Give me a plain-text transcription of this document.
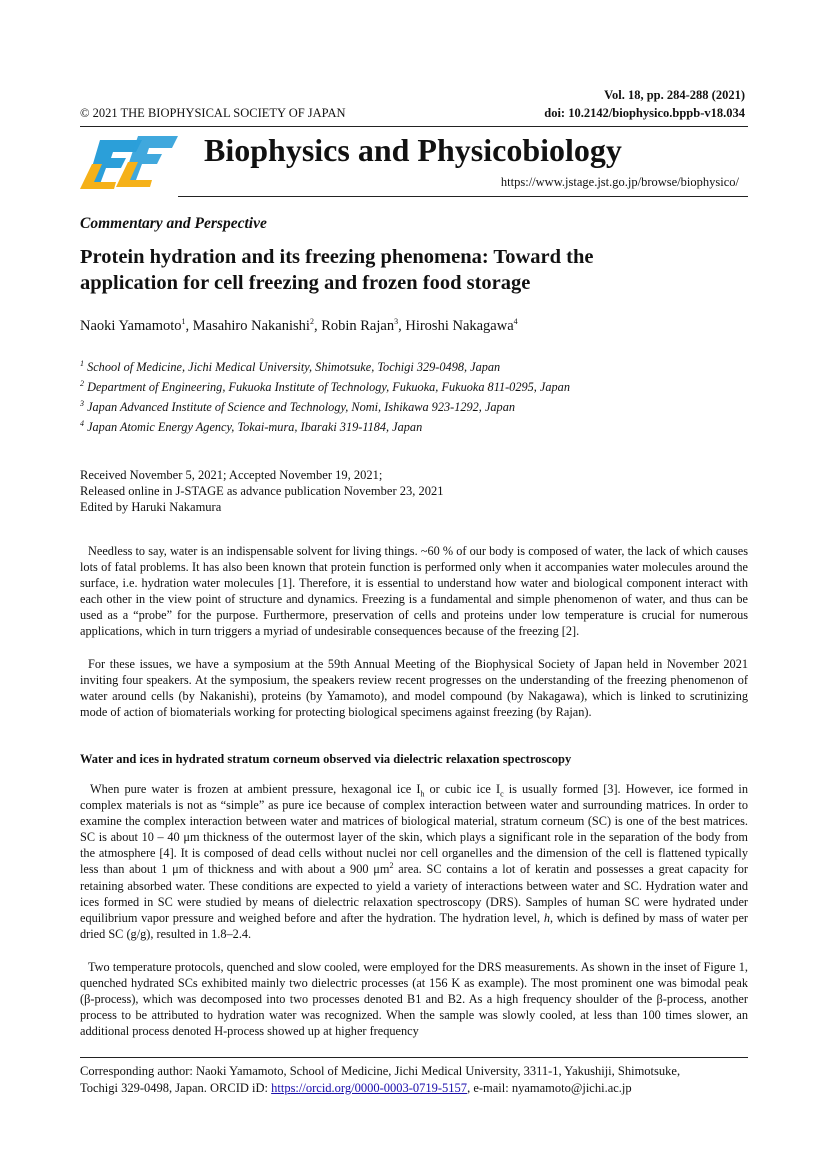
Vol. 18, pp. 284-288 (2021)
© 2021 THE BIOPHYSICAL SOCIETY OF JAPAN	doi: 10.2142/biophysico.bppb-v18.034
Biophysics and Physicobiology
https://www.jstage.jst.go.jp/browse/biophysico/
Commentary and Perspective
Protein hydration and its freezing phenomena: Toward the
application for cell freezing and frozen food storage
Naoki Yamamoto$^1$, Masahiro Nakanishi$^2$, Robin Rajan$^3$, Hiroshi Nakagawa$^4$
$^1$ School of Medicine, Jichi Medical University, Shimotsuke, Tochigi 329-0498, Japan
$^2$ Department of Engineering, Fukuoka Institute of Technology, Fukuoka, Fukuoka 811-0295, Japan
$^3$ Japan Advanced Institute of Science and Technology, Nomi, Ishikawa 923-1292, Japan
$^4$ Japan Atomic Energy Agency, Tokai-mura, Ibaraki 319-1184, Japan
Received November 5, 2021; Accepted November 19, 2021;
Released online in J-STAGE as advance publication November 23, 2021
Edited by Haruki Nakamura
Needless to say, water is an indispensable solvent for living things. ~60 % of our body is composed of water, the lack of which causes lots of fatal problems. It has also been known that protein function is performed only when it accompanies water molecules around the surface, i.e. hydration water molecules [1]. Therefore, it is essential to understand how water and biological component interact with each other in the view point of structure and dynamics. Freezing is a fundamental and simple phenomenon of water, and thus can be used as a “probe” for the purpose. Furthermore, preservation of cells and proteins under low temperature is crucial for numerous applications, which in turn triggers a myriad of undesirable consequences because of the freezing [2].
For these issues, we have a symposium at the 59th Annual Meeting of the Biophysical Society of Japan held in November 2021 inviting four speakers. At the symposium, the speakers review recent progresses on the understanding of the freezing phenomenon of water around cells (by Nakanishi), proteins (by Yamamoto), and model compound (by Nakagawa), which is linked to scrutinizing mode of action of biomaterials working for protecting biological specimens against freezing (by Rajan).
Water and ices in hydrated stratum corneum observed via dielectric relaxation spectroscopy
When pure water is frozen at ambient pressure, hexagonal ice $I_h$ or cubic ice $I_c$ is usually formed [3]. However, ice formed in complex materials is not as “simple” as pure ice because of complex interaction between water and surrounding matrices. In order to examine the complex interaction between water and matrices of biological material, stratum corneum (SC) is one of the best matrices. SC is about 10 – 40 μm thickness of the outermost layer of the skin, which plays a significant role in the separation of the body from the atmosphere [4]. It is composed of dead cells without nuclei nor cell organelles and the dimension of the cell is flattened typically less than about 1 μm of thickness and with about a 900 $\mu m^2$ area. SC contains a lot of keratin and possesses a great capacity for retaining absorbed water. These conditions are expected to yield a variety of interactions between water and SC. Hydration water and ices formed in SC were studied by means of dielectric relaxation spectroscopy (DRS). Samples of human SC were hydrated under equilibrium vapor pressure and weighed before and after the hydration. The hydration level, h, which is defined by mass of water per dried SC (g/g), resulted in 1.8–2.4.
Two temperature protocols, quenched and slow cooled, were employed for the DRS measurements. As shown in the inset of Figure 1, quenched hydrated SCs exhibited mainly two dielectric processes (at 156 K as example). The most prominent one was bimodal peak (β-process), which was decomposed into two processes denoted B1 and B2. As a high frequency shoulder of the β-process, another process to be attributed to hydration water was recognized. When the sample was slowly cooled, at less than 100 times slower, an additional process denoted H-process showed up at higher frequency
Corresponding author: Naoki Yamamoto, School of Medicine, Jichi Medical University, 3311-1, Yakushiji, Shimotsuke,
Tochigi 329-0498, Japan. ORCID iD: https://orcid.org/0000-0003-0719-5157, e-mail: nyamamoto@jichi.ac.jp
